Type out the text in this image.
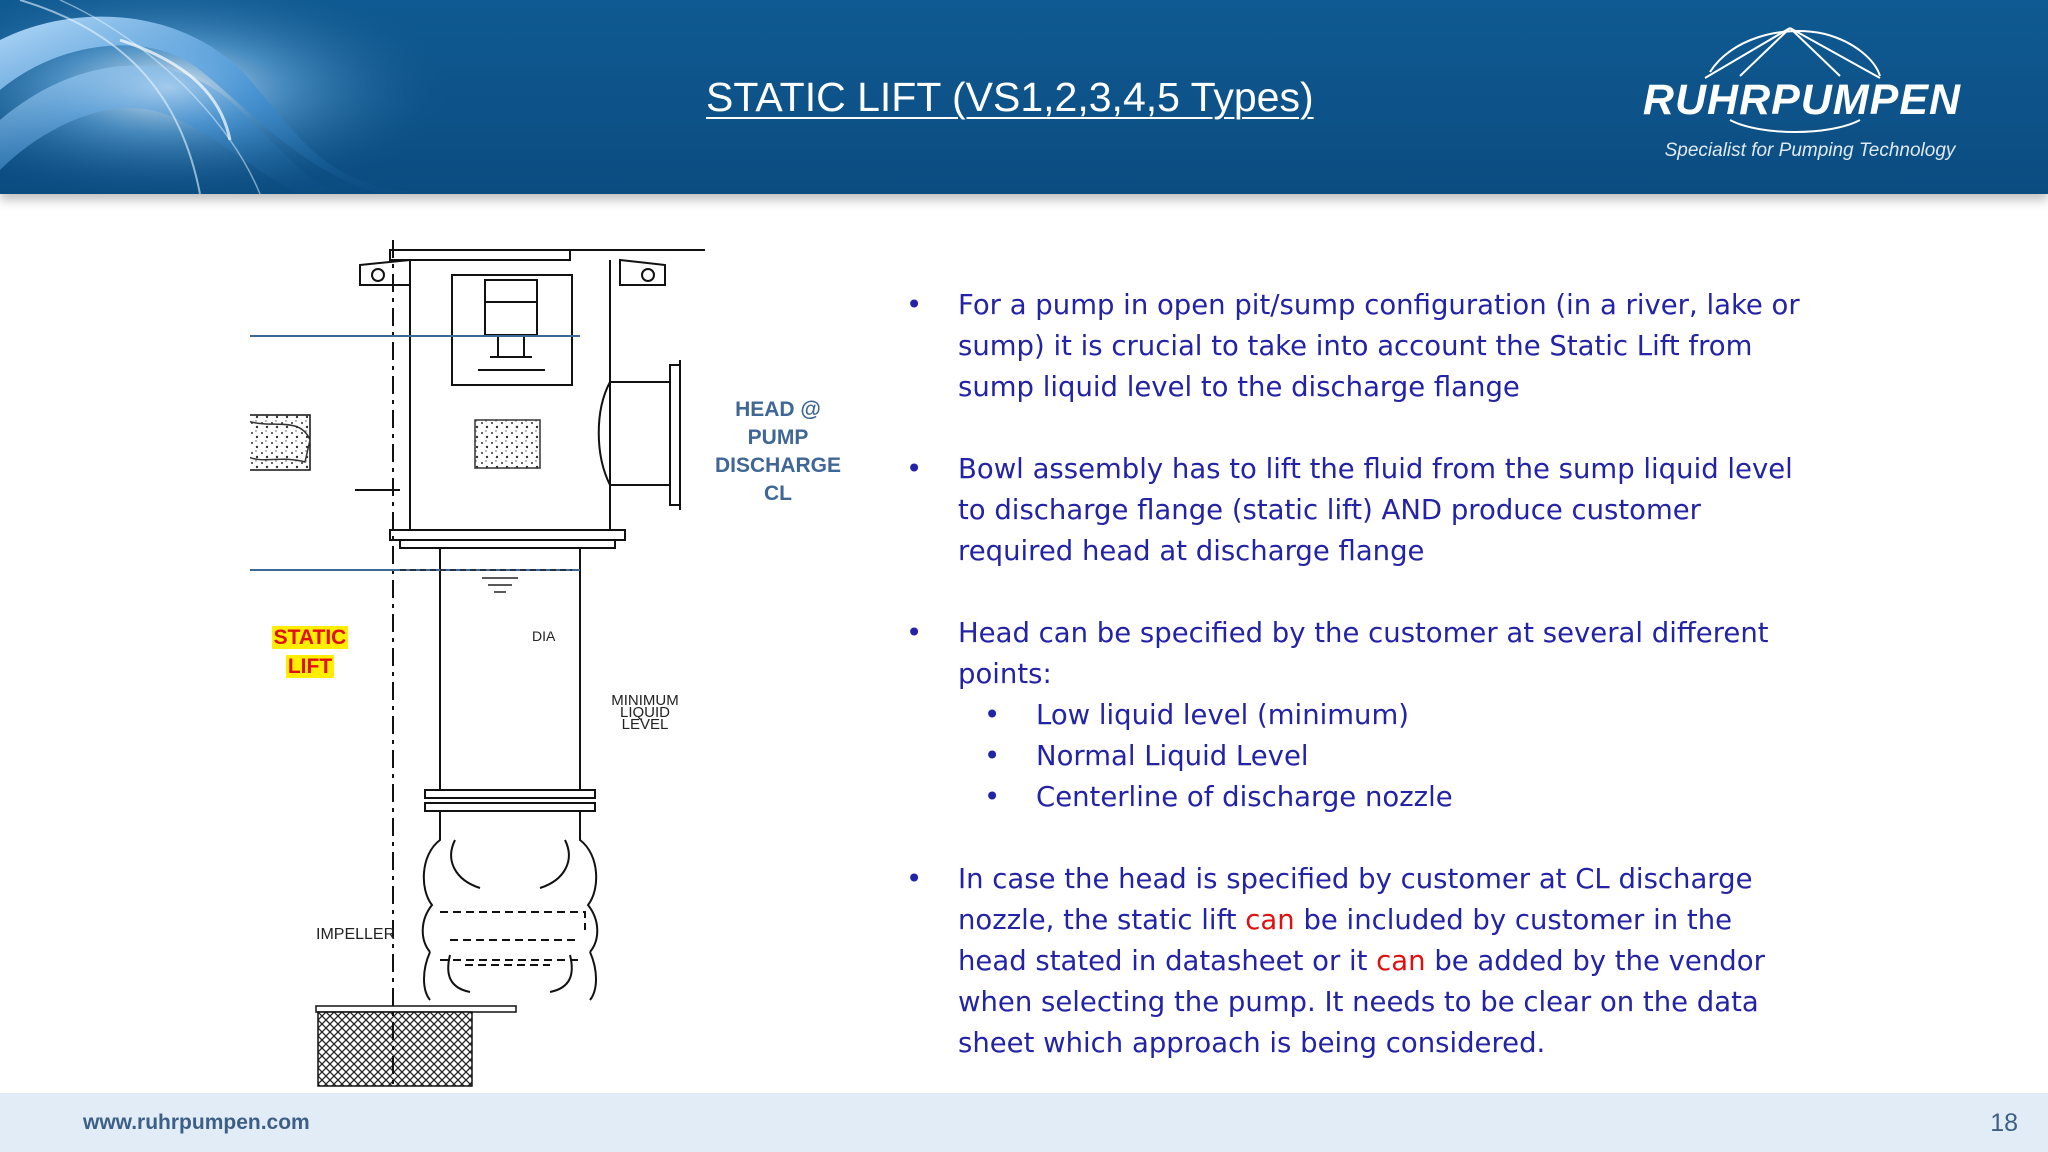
STATIC LIFT (VS1,2,3,4,5 Types)	RUHRPUMPEN
Specialist for Pumping Technology
HEAD @
PUMP
DISCHARGE
CL
STATIC
LIFT
DIA
MINIMUM
LIQUID
LEVEL
IMPELLER
• For a pump in open pit/sump configuration (in a river, lake or sump) it is crucial to take into account the Static Lift from sump liquid level to the discharge flange
• Bowl assembly has to lift the fluid from the sump liquid level to discharge flange (static lift) AND produce customer required head at discharge flange
• Head can be specified by the customer at several different points:
• Low liquid level (minimum)
• Normal Liquid Level
• Centerline of discharge nozzle
• In case the head is specified by customer at CL discharge nozzle, the static lift can be included by customer in the head stated in datasheet or it can be added by the vendor when selecting the pump. It needs to be clear on the data sheet which approach is being considered.
www.ruhrpumpen.com	18
